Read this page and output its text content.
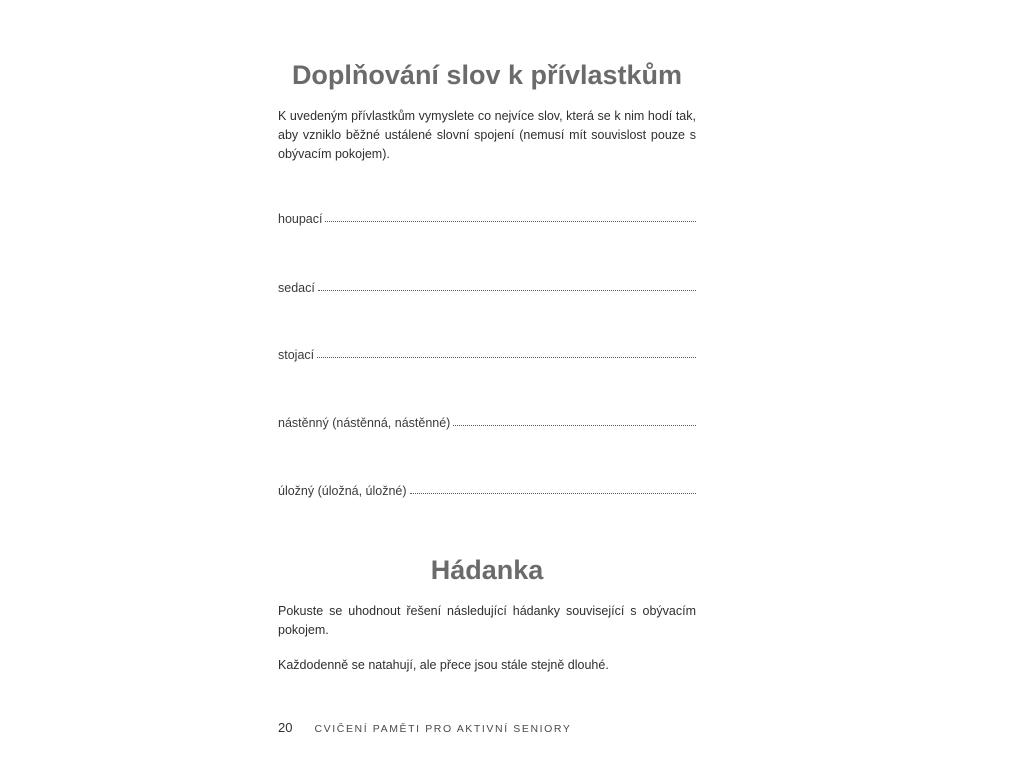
Doplňování slov k přívlastkům

K uvedeným přívlastkům vymyslete co nejvíce slov, která se k nim hodí tak, aby vzniklo běžné ustálené slovní spojení (nemusí mít souvislost pouze s obývacím pokojem).

houpací
sedací
stojací
nástěnný (nástěnná, nástěnné)
úložný (úložná, úložné)
Hádanka

Pokuste se uhodnout řešení následující hádanky související s obývacím pokojem.

Každodenně se natahují, ale přece jsou stále stejně dlouhé.

20 CVIČENÍ PAMĚTI PRO AKTIVNÍ SENIORY
